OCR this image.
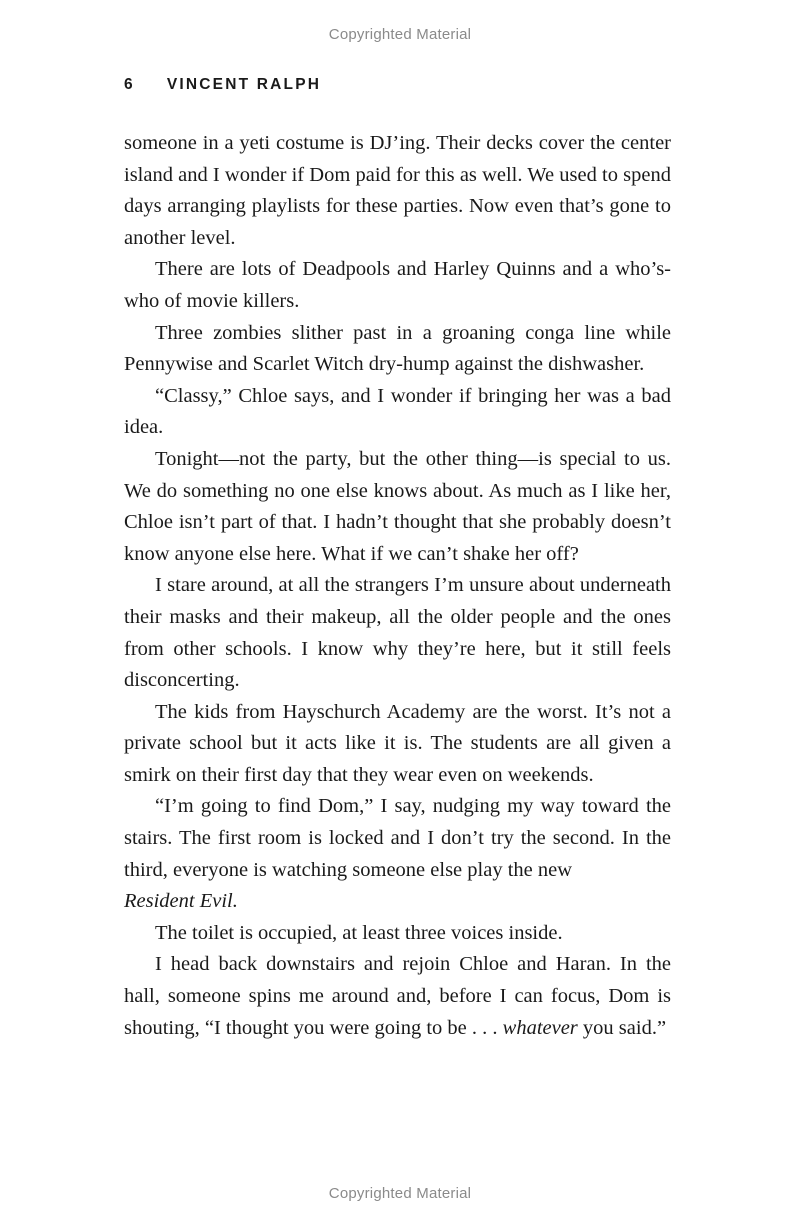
Copyrighted Material
6 VINCENT RALPH

someone in a yeti costume is DJ’ing. Their decks cover the center island and I wonder if Dom paid for this as well. We used to spend days arranging playlists for these parties. Now even that’s gone to another level.

There are lots of Deadpools and Harley Quinns and a who’s-who of movie killers.

Three zombies slither past in a groaning conga line while Pennywise and Scarlet Witch dry-hump against the dishwasher.

“Classy,” Chloe says, and I wonder if bringing her was a bad idea.

Tonight—not the party, but the other thing—is special to us. We do something no one else knows about. As much as I like her, Chloe isn’t part of that. I hadn’t thought that she probably doesn’t know anyone else here. What if we can’t shake her off?

I stare around, at all the strangers I’m unsure about underneath their masks and their makeup, all the older people and the ones from other schools. I know why they’re here, but it still feels disconcerting.

The kids from Hayschurch Academy are the worst. It’s not a private school but it acts like it is. The students are all given a smirk on their first day that they wear even on weekends.

“I’m going to find Dom,” I say, nudging my way toward the stairs. The first room is locked and I don’t try the second. In the third, everyone is watching someone else play the new
Resident Evil.

The toilet is occupied, at least three voices inside.

I head back downstairs and rejoin Chloe and Haran. In the hall, someone spins me around and, before I can focus, Dom is shouting, “I thought you were going to be . . . whatever you said.”

Copyrighted Material
